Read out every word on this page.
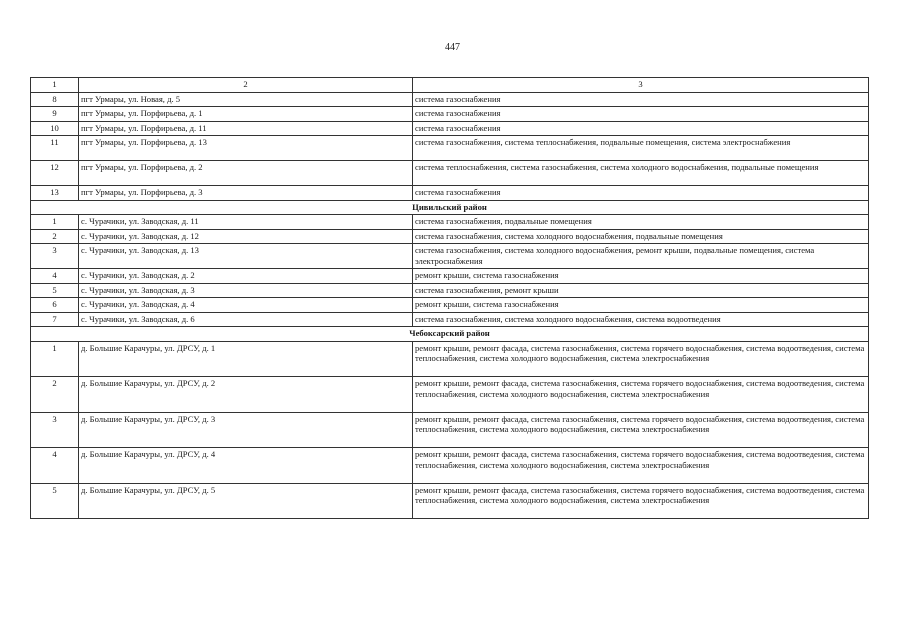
447
1	2	3
8	пгт Урмары, ул. Новая, д. 5	система газоснабжения
9	пгт Урмары, ул. Порфирьева, д. 1	система газоснабжения
10	пгт Урмары, ул. Порфирьева, д. 11	система газоснабжения
11	пгт Урмары, ул. Порфирьева, д. 13	система газоснабжения, система теплоснабжения, подвальные помещения, система электроснабжения
12	пгт Урмары, ул. Порфирьева, д. 2	система теплоснабжения, система газоснабжения, система холодного водоснабжения, подвальные помещения
13	пгт Урмары, ул. Порфирьева, д. 3	система газоснабжения
Цивильский район		
1	с. Чурачики, ул. Заводская, д. 11	система газоснабжения, подвальные помещения
2	с. Чурачики, ул. Заводская, д. 12	система газоснабжения, система холодного водоснабжения, подвальные помещения
3	с. Чурачики, ул. Заводская, д. 13	система газоснабжения, система холодного водоснабжения, ремонт крыши, подвальные помещения, система электроснабжения
4	с. Чурачики, ул. Заводская, д. 2	ремонт крыши, система газоснабжения
5	с. Чурачики, ул. Заводская, д. 3	система газоснабжения, ремонт крыши
6	с. Чурачики, ул. Заводская, д. 4	ремонт крыши, система газоснабжения
7	с. Чурачики, ул. Заводская, д. 6	система газоснабжения, система холодного водоснабжения, система водоотведения
Чебоксарский район		
1	д. Большие Карачуры, ул. ДРСУ, д. 1	ремонт крыши, ремонт фасада, система газоснабжения, система горячего водоснабжения, система водоотведения, система теплоснабжения, система холодного водоснабжения, система электроснабжения
2	д. Большие Карачуры, ул. ДРСУ, д. 2	ремонт крыши, ремонт фасада, система газоснабжения, система горячего водоснабжения, система водоотведения, система теплоснабжения, система холодного водоснабжения, система электроснабжения
3	д. Большие Карачуры, ул. ДРСУ, д. 3	ремонт крыши, ремонт фасада, система газоснабжения, система горячего водоснабжения, система водоотведения, система теплоснабжения, система холодного водоснабжения, система электроснабжения
4	д. Большие Карачуры, ул. ДРСУ, д. 4	ремонт крыши, ремонт фасада, система газоснабжения, система горячего водоснабжения, система водоотведения, система теплоснабжения, система холодного водоснабжения, система электроснабжения
5	д. Большие Карачуры, ул. ДРСУ, д. 5	ремонт крыши, ремонт фасада, система газоснабжения, система горячего водоснабжения, система водоотведения, система теплоснабжения, система холодного водоснабжения, система электроснабжения
